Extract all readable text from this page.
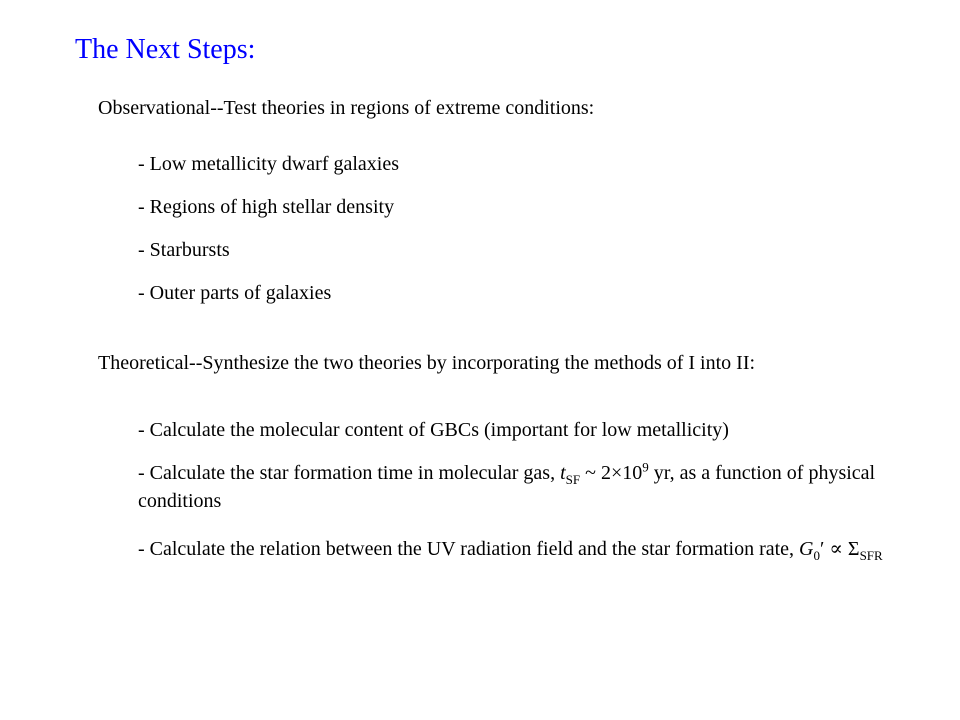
The Next Steps:
Observational--Test theories in regions of extreme conditions:
- Low metallicity dwarf galaxies
- Regions of high stellar density
- Starbursts
- Outer parts of galaxies
Theoretical--Synthesize the two theories by incorporating the methods of I into II:
- Calculate the molecular content of GBCs (important for low metallicity)
- Calculate the star formation time in molecular gas, $t_{SF}$ ~ $2\times 10^9$ yr, as a function of physical conditions
- Calculate the relation between the UV radiation field and the star formation rate, $G_0' \propto \Sigma_{SFR}$
